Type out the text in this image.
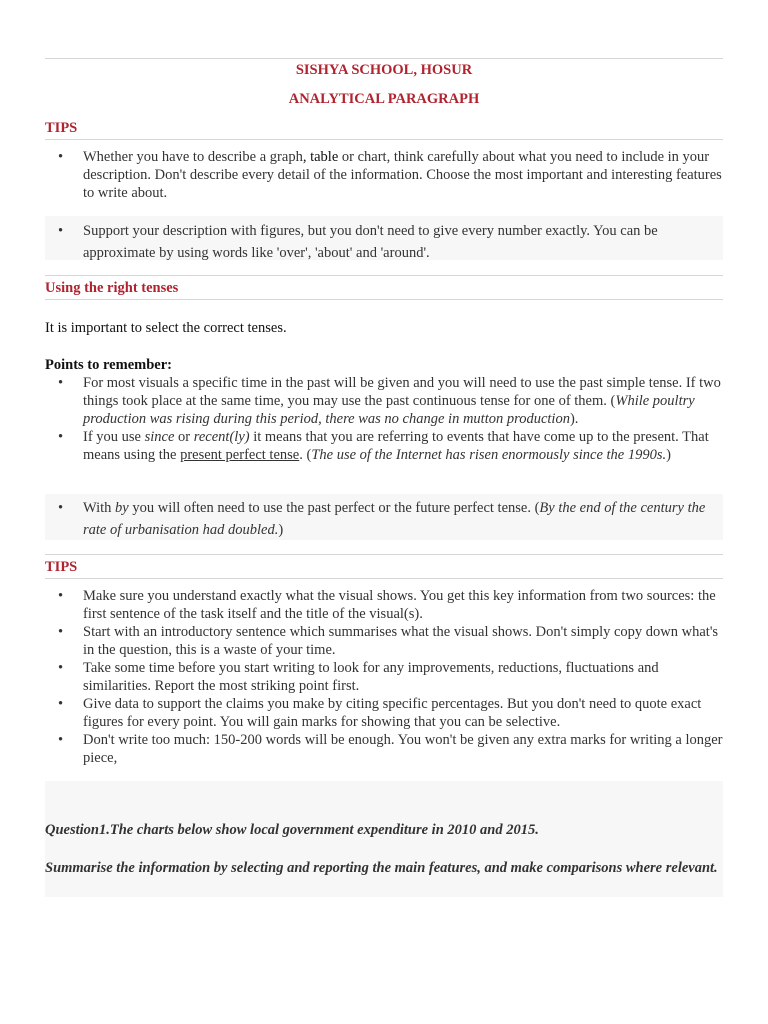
SISHYA SCHOOL, HOSUR
ANALYTICAL PARAGRAPH
TIPS
• Whether you have to describe a graph, table or chart, think carefully about what you need to include in your description. Don't describe every detail of the information. Choose the most important and interesting features to write about.
• Support your description with figures, but you don't need to give every number exactly. You can be approximate by using words like 'over', 'about' and 'around'.
Using the right tenses
It is important to select the correct tenses.
Points to remember:
• For most visuals a specific time in the past will be given and you will need to use the past simple tense. If two things took place at the same time, you may use the past continuous tense for one of them. (While poultry production was rising during this period, there was no change in mutton production).
• If you use since or recent(ly) it means that you are referring to events that have come up to the present. That means using the present perfect tense. (The use of the Internet has risen enormously since the 1990s.)
• With by you will often need to use the past perfect or the future perfect tense. (By the end of the century the rate of urbanisation had doubled.)
TIPS
• Make sure you understand exactly what the visual shows. You get this key information from two sources: the first sentence of the task itself and the title of the visual(s).
• Start with an introductory sentence which summarises what the visual shows. Don't simply copy down what's in the question, this is a waste of your time.
• Take some time before you start writing to look for any improvements, reductions, fluctuations and similarities. Report the most striking point first.
• Give data to support the claims you make by citing specific percentages. But you don't need to quote exact figures for every point. You will gain marks for showing that you can be selective.
• Don't write too much: 150-200 words will be enough. You won't be given any extra marks for writing a longer piece,
Question1.The charts below show local government expenditure in 2010 and 2015.
Summarise the information by selecting and reporting the main features, and make comparisons where relevant.
